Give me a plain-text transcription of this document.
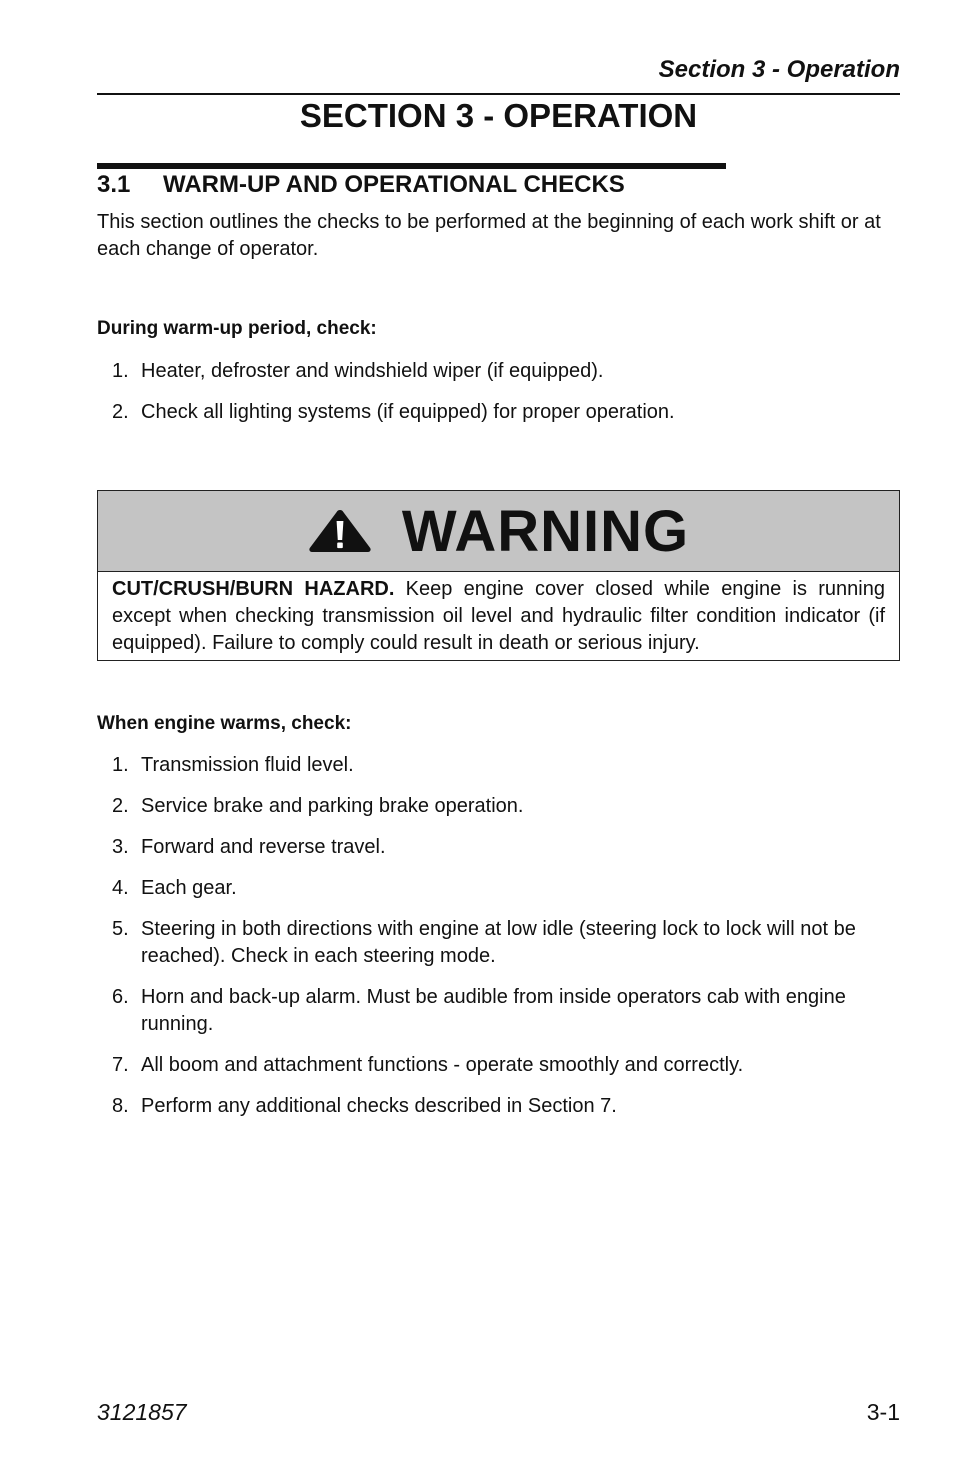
Section 3 - Operation
SECTION 3 - OPERATION
3.1 WARM-UP AND OPERATIONAL CHECKS
This section outlines the checks to be performed at the beginning of each work shift or at each change of operator.
During warm-up period, check:
1. Heater, defroster and windshield wiper (if equipped).
2. Check all lighting systems (if equipped) for proper operation.
WARNING
CUT/CRUSH/BURN HAZARD. Keep engine cover closed while engine is running except when checking transmission oil level and hydraulic filter condition indicator (if equipped). Failure to comply could result in death or serious injury.
When engine warms, check:
1. Transmission fluid level.
2. Service brake and parking brake operation.
3. Forward and reverse travel.
4. Each gear.
5. Steering in both directions with engine at low idle (steering lock to lock will not be reached). Check in each steering mode.
6. Horn and back-up alarm. Must be audible from inside operators cab with engine running.
7. All boom and attachment functions - operate smoothly and correctly.
8. Perform any additional checks described in Section 7.
3121857	3-1
